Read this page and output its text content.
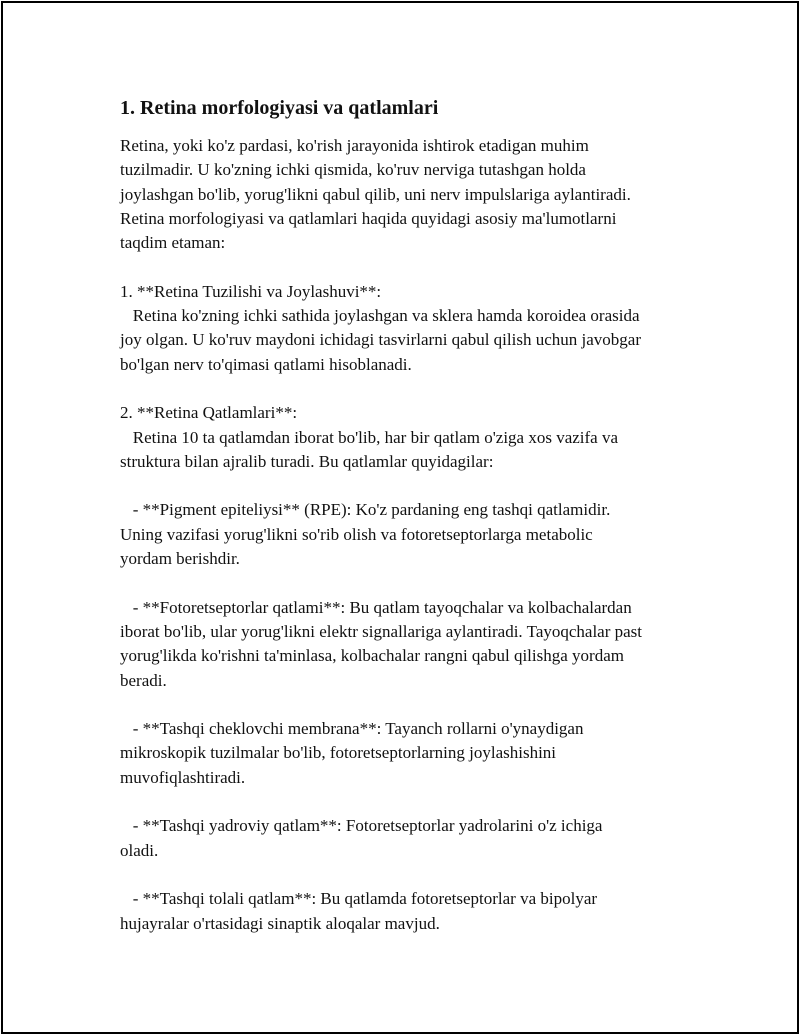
1. Retina morfologiyasi va qatlamlari
Retina, yoki ko'z pardasi, ko'rish jarayonida ishtirok etadigan muhim
tuzilmadir. U ko'zning ichki qismida, ko'ruv nerviga tutashgan holda
joylashgan bo'lib, yorug'likni qabul qilib, uni nerv impulslariga aylantiradi.
Retina morfologiyasi va qatlamlari haqida quyidagi asosiy ma'lumotlarni
taqdim etaman:
1. **Retina Tuzilishi va Joylashuvi**:
Retina ko'zning ichki sathida joylashgan va sklera hamda koroidea orasida
joy olgan. U ko'ruv maydoni ichidagi tasvirlarni qabul qilish uchun javobgar
bo'lgan nerv to'qimasi qatlami hisoblanadi.
2. **Retina Qatlamlari**:
Retina 10 ta qatlamdan iborat bo'lib, har bir qatlam o'ziga xos vazifa va
struktura bilan ajralib turadi. Bu qatlamlar quyidagilar:
- **Pigment epiteliysi** (RPE): Ko'z pardaning eng tashqi qatlamidir.
Uning vazifasi yorug'likni so'rib olish va fotoretseptorlarga metabolic
yordam berishdir.
- **Fotoretseptorlar qatlami**: Bu qatlam tayoqchalar va kolbachalardan
iborat bo'lib, ular yorug'likni elektr signallariga aylantiradi. Tayoqchalar past
yorug'likda ko'rishni ta'minlasa, kolbachalar rangni qabul qilishga yordam
beradi.
- **Tashqi cheklovchi membrana**: Tayanch rollarni o'ynaydigan
mikroskopik tuzilmalar bo'lib, fotoretseptorlarning joylashishini
muvofiqlashtiradi.
- **Tashqi yadroviy qatlam**: Fotoretseptorlar yadrolarini o'z ichiga
oladi.
- **Tashqi tolali qatlam**: Bu qatlamda fotoretseptorlar va bipolyar
hujayralar o'rtasidagi sinaptik aloqalar mavjud.
